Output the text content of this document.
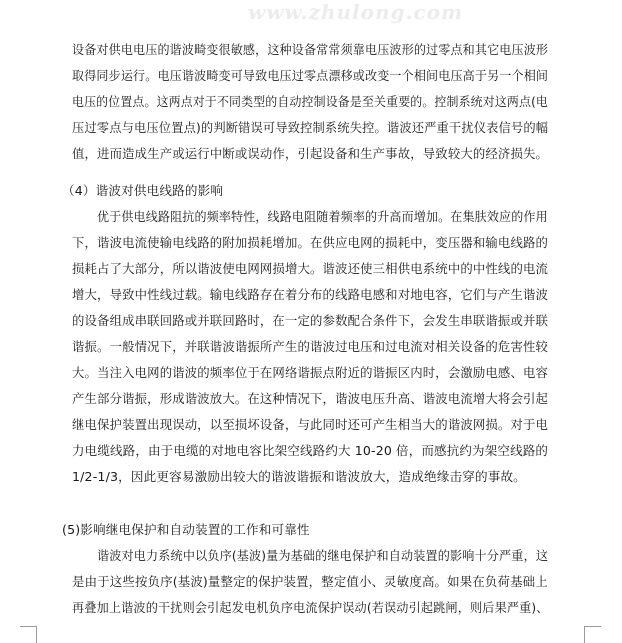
www.zhulong.com
设备对供电电压的谐波畸变很敏感，这种设备常常须靠电压波形的过零点和其它电压波形
取得同步运行。电压谐波畸变可导致电压过零点漂移或改变一个相间电压高于另一个相间
电压的位置点。这两点对于不同类型的自动控制设备是至关重要的。控制系统对这两点(电
压过零点与电压位置点)的判断错误可导致控制系统失控。谐波还严重干扰仪表信号的幅
值，进而造成生产或运行中断或误动作，引起设备和生产事故，导致较大的经济损失。
（4）谐波对供电线路的影响
优于供电线路阻抗的频率特性，线路电阻随着频率的升高而增加。在集肤效应的作用
下，谐波电流使输电线路的附加损耗增加。在供应电网的损耗中，变压器和输电线路的
损耗占了大部分，所以谐波使电网网损增大。谐波还使三相供电系统中的中性线的电流
增大，导致中性线过载。输电线路存在着分布的线路电感和对地电容，它们与产生谐波
的设备组成串联回路或并联回路时，在一定的参数配合条件下，会发生串联谐振或并联
谐振。一般情况下，并联谐波谐振所产生的谐波过电压和过电流对相关设备的危害性较
大。当注入电网的谐波的频率位于在网络谐振点附近的谐振区内时，会激励电感、电容
产生部分谐振，形成谐波放大。在这种情况下，谐波电压升高、谐波电流增大将会引起
继电保护装置出现误动，以至损坏设备，与此同时还可产生相当大的谐波网损。对于电
力电缆线路，由于电缆的对地电容比架空线路约大 10-20 倍，而感抗约为架空线路的
1/2-1/3，因此更容易激励出较大的谐波谐振和谐波放大，造成绝缘击穿的事故。
(5)影响继电保护和自动装置的工作和可靠性
谐波对电力系统中以负序(基波)量为基础的继电保护和自动装置的影响十分严重，这
是由于这些按负序(基波)量整定的保护装置，整定值小、灵敏度高。如果在负荷基础上
再叠加上谐波的干扰则会引起发电机负序电流保护误动(若误动引起跳闸，则后果严重)、
